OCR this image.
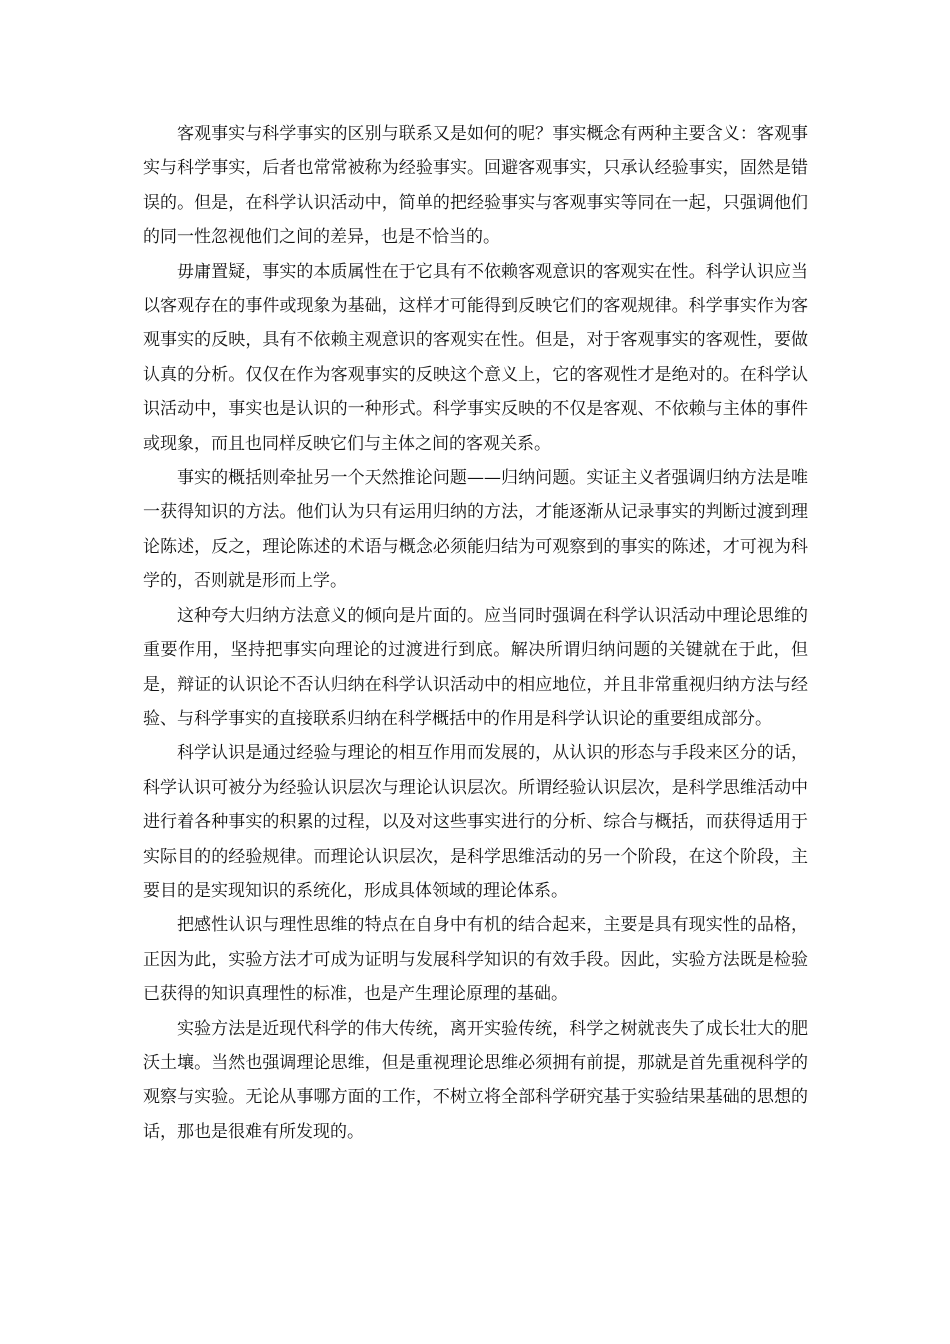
客观事实与科学事实的区别与联系又是如何的呢？事实概念有两种主要含义：客观事实与科学事实，后者也常常被称为经验事实。回避客观事实，只承认经验事实，固然是错误的。但是，在科学认识活动中，简单的把经验事实与客观事实等同在一起，只强调他们的同一性忽视他们之间的差异，也是不恰当的。

毋庸置疑，事实的本质属性在于它具有不依赖客观意识的客观实在性。科学认识应当以客观存在的事件或现象为基础，这样才可能得到反映它们的客观规律。科学事实作为客观事实的反映，具有不依赖主观意识的客观实在性。但是，对于客观事实的客观性，要做认真的分析。仅仅在作为客观事实的反映这个意义上，它的客观性才是绝对的。在科学认识活动中，事实也是认识的一种形式。科学事实反映的不仅是客观、不依赖与主体的事件或现象，而且也同样反映它们与主体之间的客观关系。

事实的概括则牵扯另一个天然推论问题——归纳问题。实证主义者强调归纳方法是唯一获得知识的方法。他们认为只有运用归纳的方法，才能逐渐从记录事实的判断过渡到理论陈述，反之，理论陈述的术语与概念必须能归结为可观察到的事实的陈述，才可视为科学的，否则就是形而上学。

这种夸大归纳方法意义的倾向是片面的。应当同时强调在科学认识活动中理论思维的重要作用，坚持把事实向理论的过渡进行到底。解决所谓归纳问题的关键就在于此，但是，辩证的认识论不否认归纳在科学认识活动中的相应地位，并且非常重视归纳方法与经验、与科学事实的直接联系归纳在科学概括中的作用是科学认识论的重要组成部分。

科学认识是通过经验与理论的相互作用而发展的，从认识的形态与手段来区分的话，科学认识可被分为经验认识层次与理论认识层次。所谓经验认识层次，是科学思维活动中进行着各种事实的积累的过程，以及对这些事实进行的分析、综合与概括，而获得适用于实际目的的经验规律。而理论认识层次，是科学思维活动的另一个阶段，在这个阶段，主要目的是实现知识的系统化，形成具体领域的理论体系。

把感性认识与理性思维的特点在自身中有机的结合起来，主要是具有现实性的品格，正因为此，实验方法才可成为证明与发展科学知识的有效手段。因此，实验方法既是检验已获得的知识真理性的标准，也是产生理论原理的基础。

实验方法是近现代科学的伟大传统，离开实验传统，科学之树就丧失了成长壮大的肥沃土壤。当然也强调理论思维，但是重视理论思维必须拥有前提，那就是首先重视科学的观察与实验。无论从事哪方面的工作，不树立将全部科学研究基于实验结果基础的思想的话，那也是很难有所发现的。
